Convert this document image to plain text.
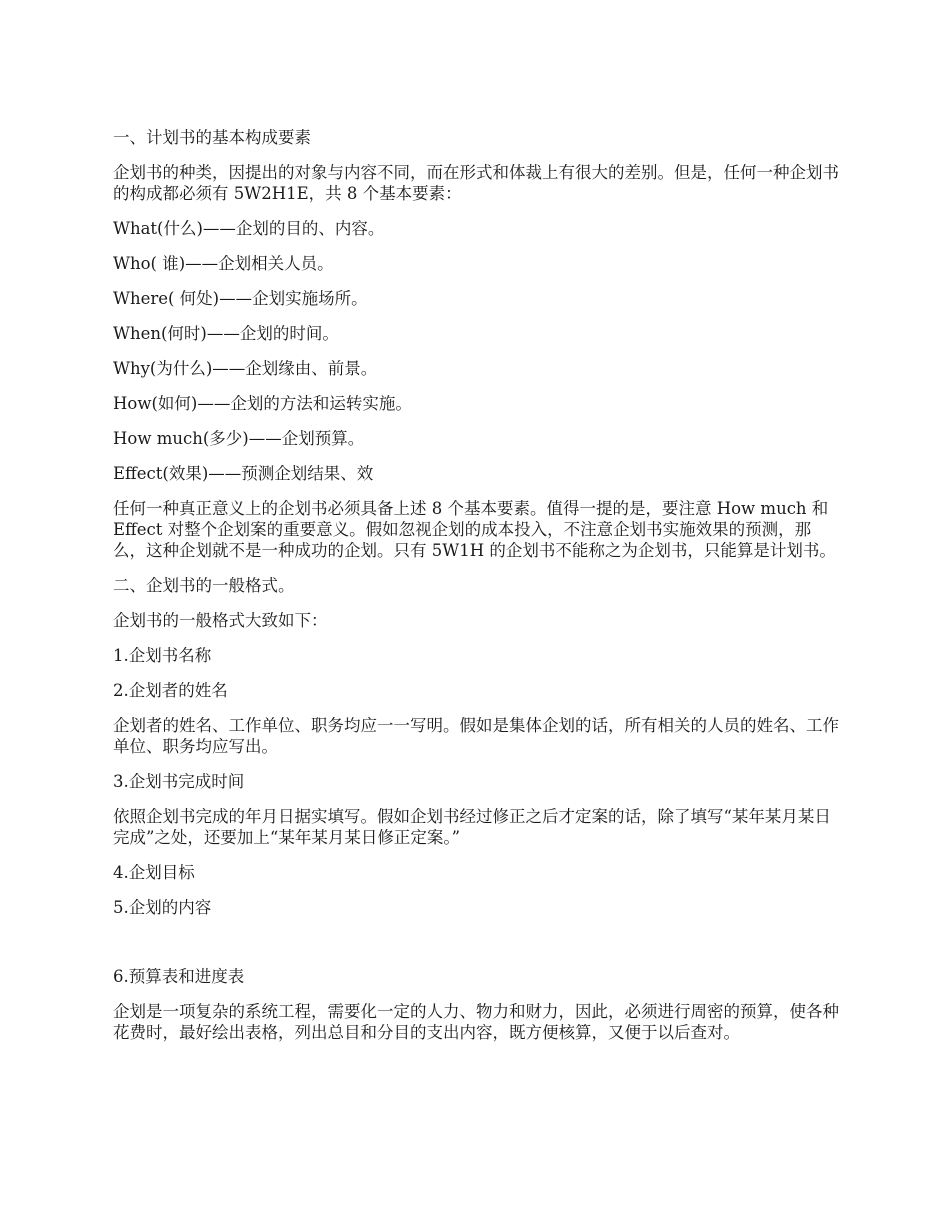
一、计划书的基本构成要素

企划书的种类，因提出的对象与内容不同，而在形式和体裁上有很大的差别。但是，任何一种企划书的构成都必须有 5W2H1E，共 8 个基本要素：

What(什么)——企划的目的、内容。

Who( 谁)——企划相关人员。

Where( 何处)——企划实施场所。

When(何时)——企划的时间。

Why(为什么)——企划缘由、前景。

How(如何)——企划的方法和运转实施。

How much(多少)——企划预算。

Effect(效果)——预测企划结果、效

任何一种真正意义上的企划书必须具备上述 8 个基本要素。值得一提的是，要注意 How much 和 Effect 对整个企划案的重要意义。假如忽视企划的成本投入，不注意企划书实施效果的预测，那么，这种企划就不是一种成功的企划。只有 5W1H 的企划书不能称之为企划书，只能算是计划书。

二、企划书的一般格式。

企划书的一般格式大致如下：

1.企划书名称

2.企划者的姓名

企划者的姓名、工作单位、职务均应一一写明。假如是集体企划的话，所有相关的人员的姓名、工作单位、职务均应写出。

3.企划书完成时间

依照企划书完成的年月日据实填写。假如企划书经过修正之后才定案的话，除了填写“某年某月某日完成”之处，还要加上“某年某月某日修正定案。”

4.企划目标

5.企划的内容

6.预算表和进度表

企划是一项复杂的系统工程，需要化一定的人力、物力和财力，因此，必须进行周密的预算，使各种花费时，最好绘出表格，列出总目和分目的支出内容，既方便核算，又便于以后查对。
